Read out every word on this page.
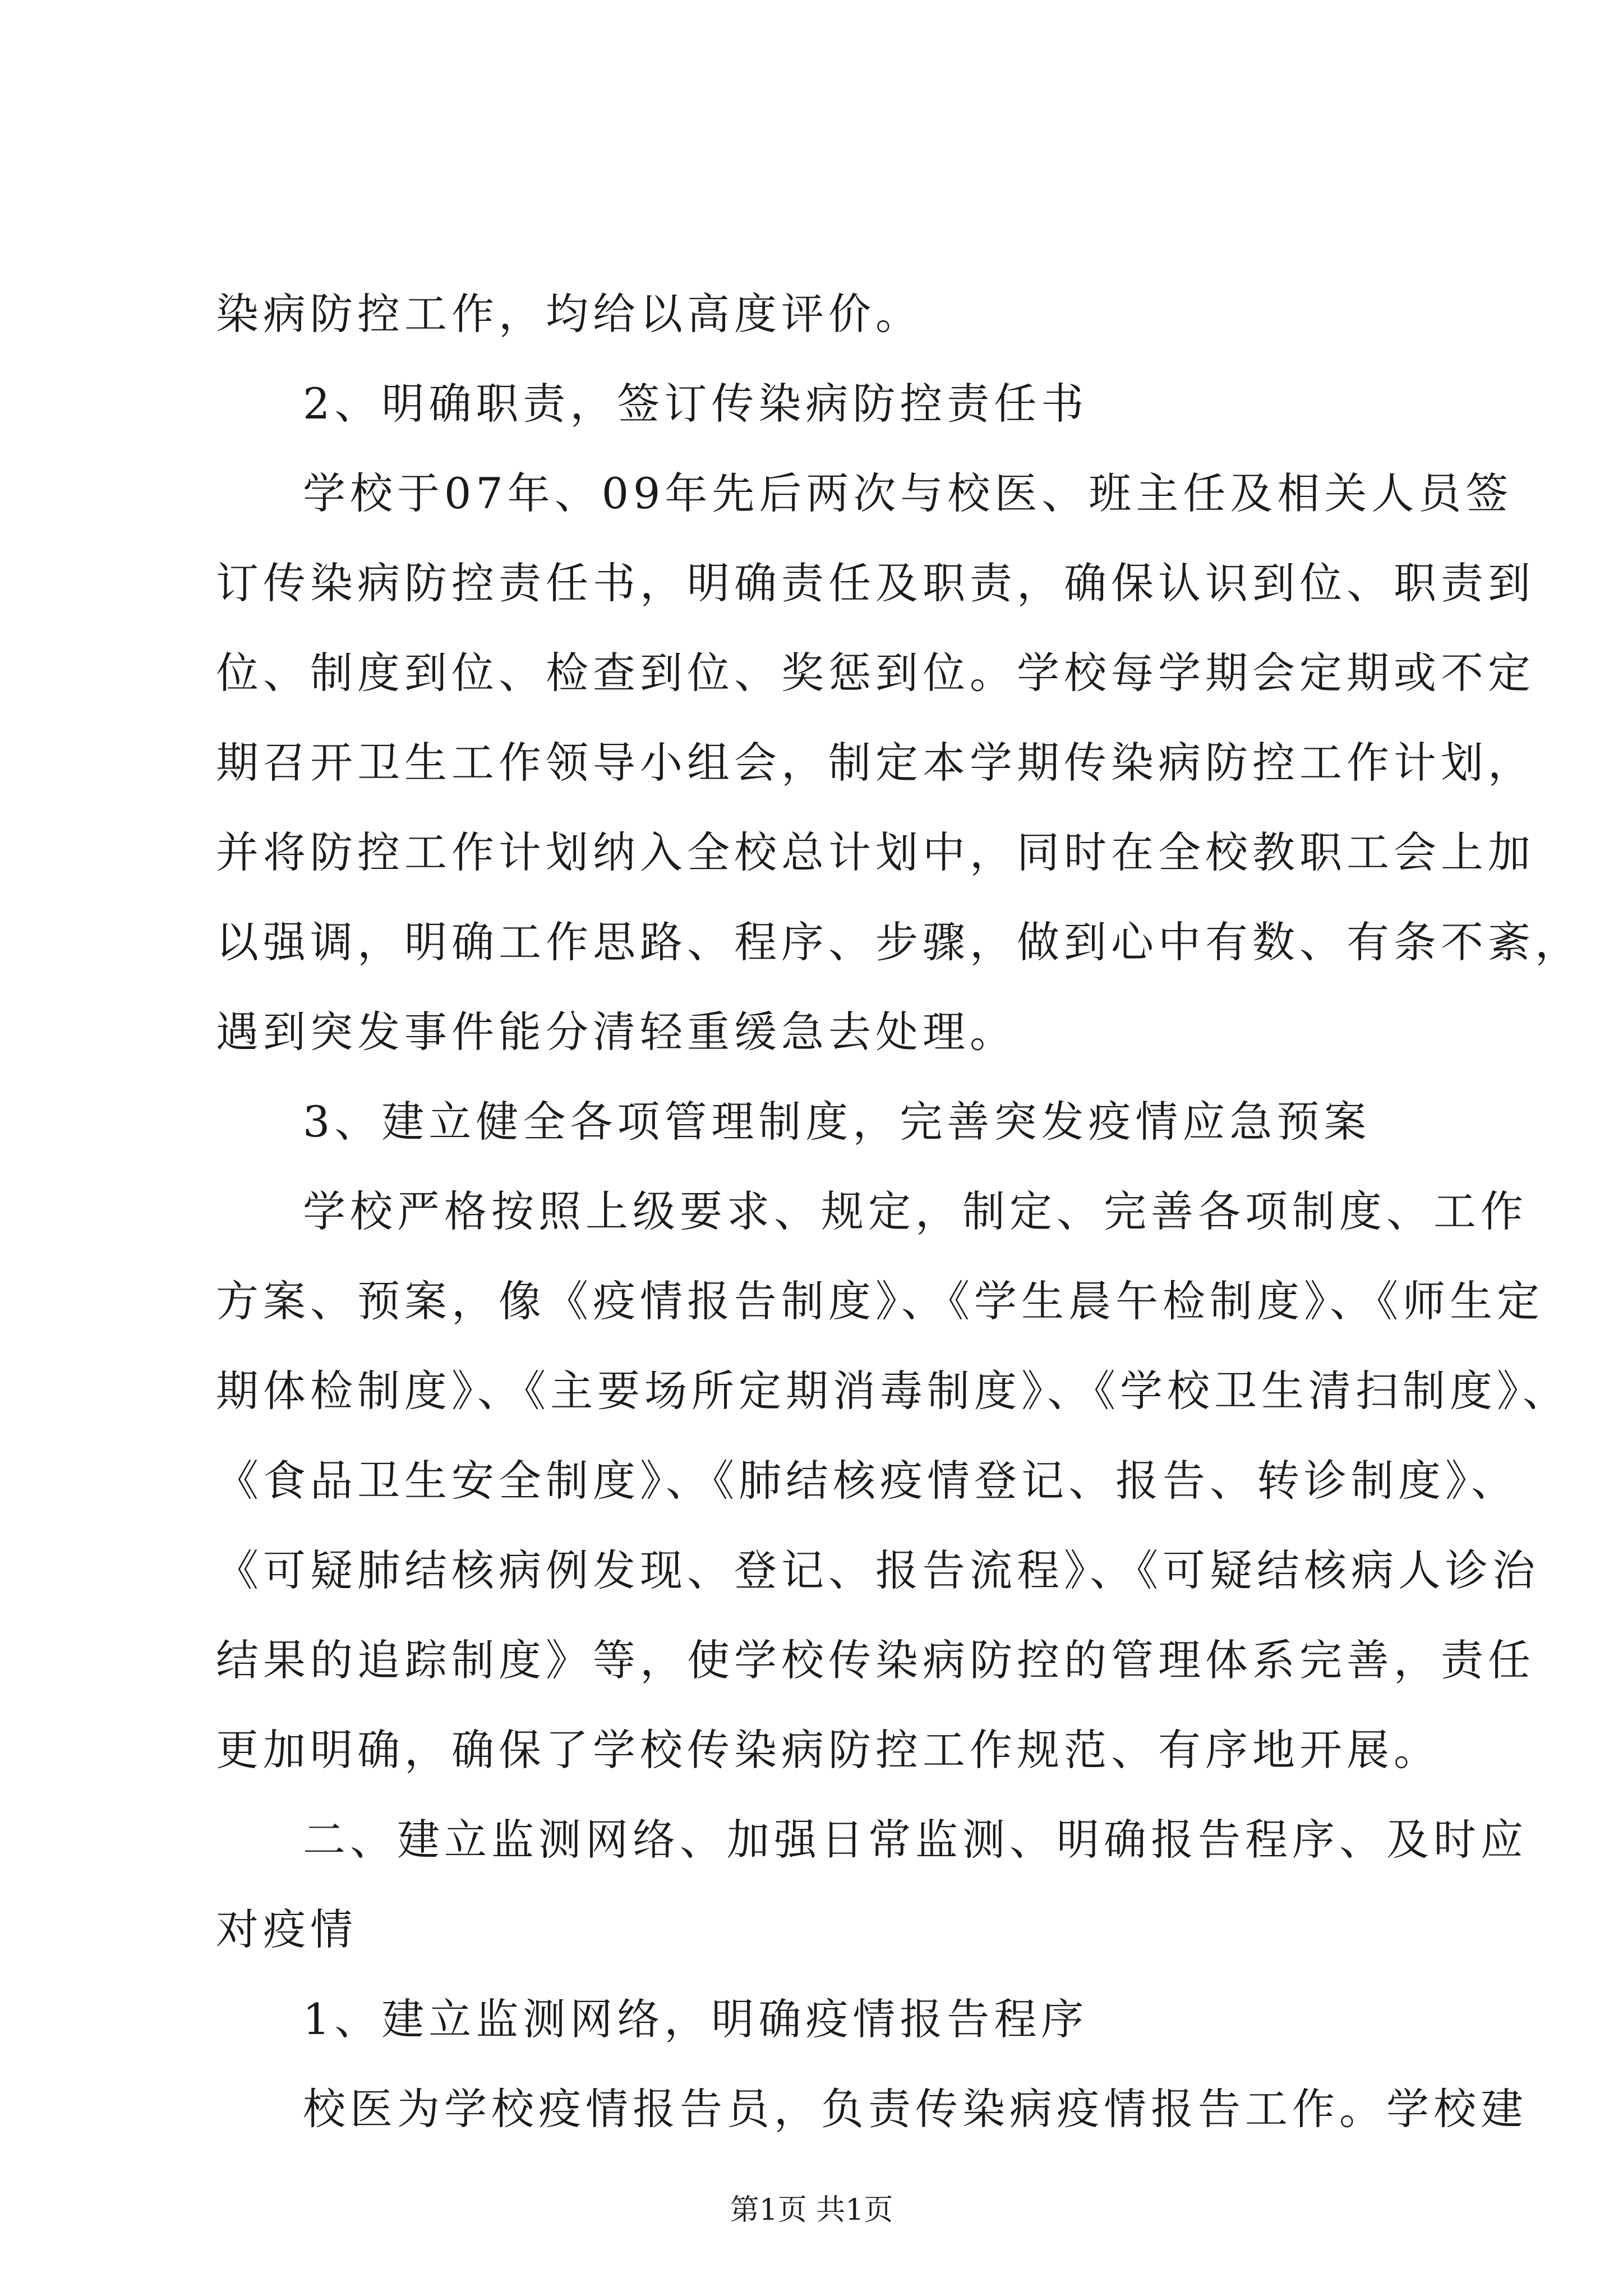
染病防控工作，均给以高度评价。
2、明确职责，签订传染病防控责任书
学校于07年、09年先后两次与校医、班主任及相关人员签
订传染病防控责任书，明确责任及职责，确保认识到位、职责到
位、制度到位、检查到位、奖惩到位。学校每学期会定期或不定
期召开卫生工作领导小组会，制定本学期传染病防控工作计划，
并将防控工作计划纳入全校总计划中，同时在全校教职工会上加
以强调，明确工作思路、程序、步骤，做到心中有数、有条不紊，
遇到突发事件能分清轻重缓急去处理。
3、建立健全各项管理制度，完善突发疫情应急预案
学校严格按照上级要求、规定，制定、完善各项制度、工作
方案、预案，像《疫情报告制度》、《学生晨午检制度》、《师生定
期体检制度》、《主要场所定期消毒制度》、《学校卫生清扫制度》、
《食品卫生安全制度》、《肺结核疫情登记、报告、转诊制度》、
《可疑肺结核病例发现、登记、报告流程》、《可疑结核病人诊治
结果的追踪制度》等，使学校传染病防控的管理体系完善，责任
更加明确，确保了学校传染病防控工作规范、有序地开展。
二、建立监测网络、加强日常监测、明确报告程序、及时应
对疫情
1、建立监测网络，明确疫情报告程序
校医为学校疫情报告员，负责传染病疫情报告工作。学校建
第1页 共1页
